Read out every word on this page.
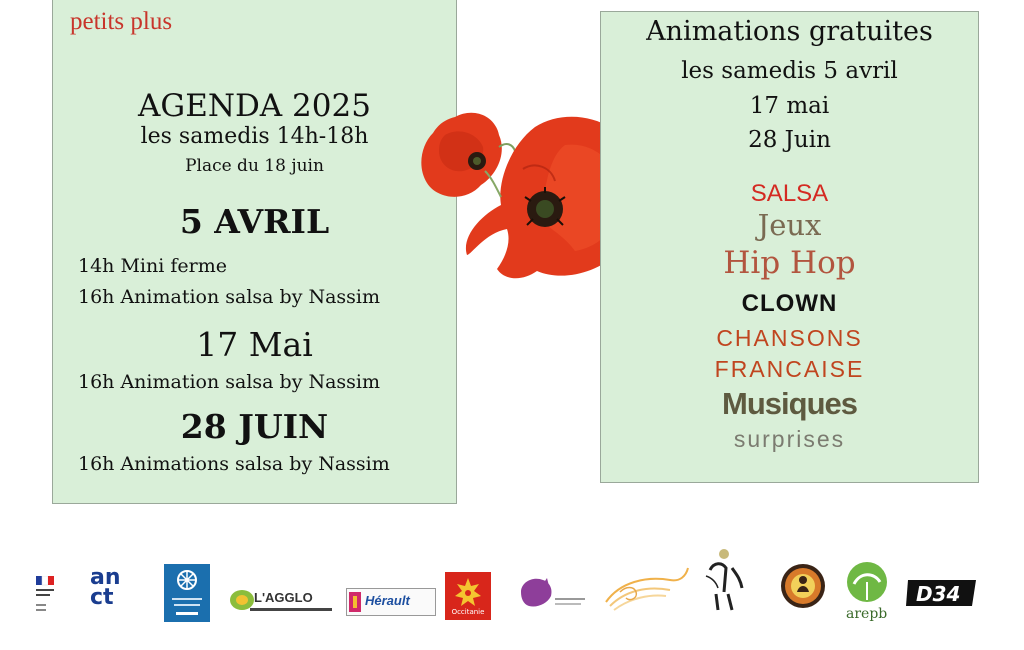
petits plus
AGENDA 2025
les samedis 14h-18h
Place du 18 juin
5 AVRIL
14h Mini ferme
16h Animation salsa by Nassim
17 Mai
16h Animation salsa by Nassim
28 JUIN
16h Animations salsa by Nassim
Animations gratuites
les samedis 5 avril
17 mai
28 Juin
SALSA
Jeux
Hip Hop
CLOWN
CHANSONS
FRANCAISE
Musiques
surprises
an ct	L'AGGLO	Hérault
Occitanie	arepb
D34
